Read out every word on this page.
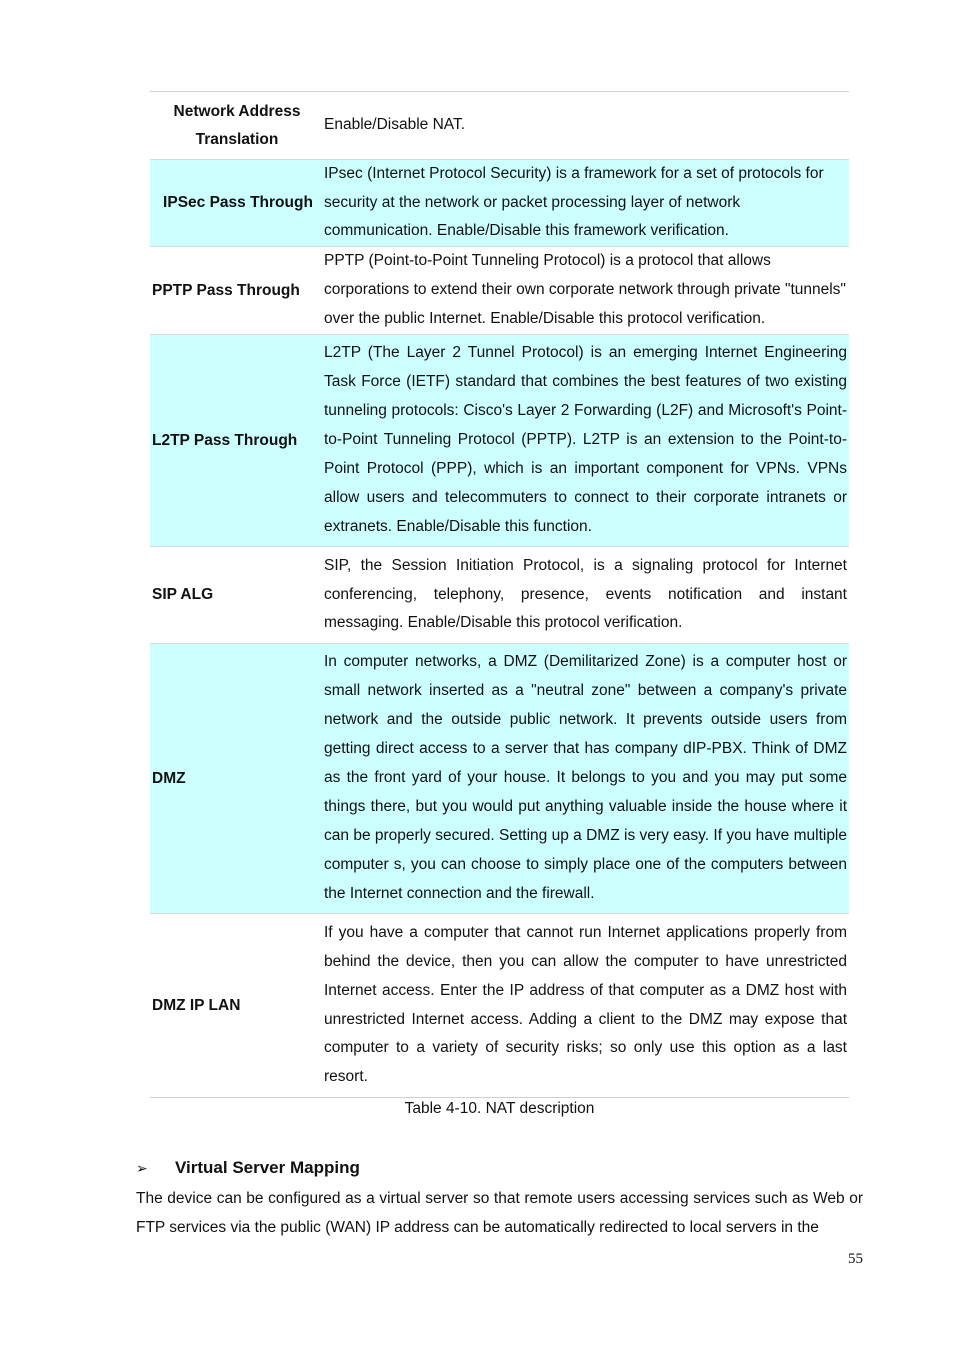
Network Address Translation
Enable/Disable NAT.
IPSec Pass Through
IPsec (Internet Protocol Security) is a framework for a set of protocols for security at the network or packet processing layer of network communication. Enable/Disable this framework verification.
PPTP Pass Through
PPTP (Point-to-Point Tunneling Protocol) is a protocol that allows corporations to extend their own corporate network through private "tunnels" over the public Internet. Enable/Disable this protocol verification.
L2TP Pass Through
L2TP (The Layer 2 Tunnel Protocol) is an emerging Internet Engineering Task Force (IETF) standard that combines the best features of two existing tunneling protocols: Cisco's Layer 2 Forwarding (L2F) and Microsoft's Point-to-Point Tunneling Protocol (PPTP). L2TP is an extension to the Point-to-Point Protocol (PPP), which is an important component for VPNs. VPNs allow users and telecommuters to connect to their corporate intranets or extranets. Enable/Disable this function.
SIP ALG
SIP, the Session Initiation Protocol, is a signaling protocol for Internet conferencing, telephony, presence, events notification and instant messaging. Enable/Disable this protocol verification.
DMZ
In computer networks, a DMZ (Demilitarized Zone) is a computer host or small network inserted as a "neutral zone" between a company's private network and the outside public network. It prevents outside users from getting direct access to a server that has company dIP-PBX. Think of DMZ as the front yard of your house. It belongs to you and you may put some things there, but you would put anything valuable inside the house where it can be properly secured. Setting up a DMZ is very easy. If you have multiple computer s, you can choose to simply place one of the computers between the Internet connection and the firewall.
DMZ IP LAN
If you have a computer that cannot run Internet applications properly from behind the device, then you can allow the computer to have unrestricted Internet access. Enter the IP address of that computer as a DMZ host with unrestricted Internet access. Adding a client to the DMZ may expose that computer to a variety of security risks; so only use this option as a last resort.
Table 4-10. NAT description
➢	Virtual Server Mapping
The device can be configured as a virtual server so that remote users accessing services such as Web or FTP services via the public (WAN) IP address can be automatically redirected to local servers in the
55
